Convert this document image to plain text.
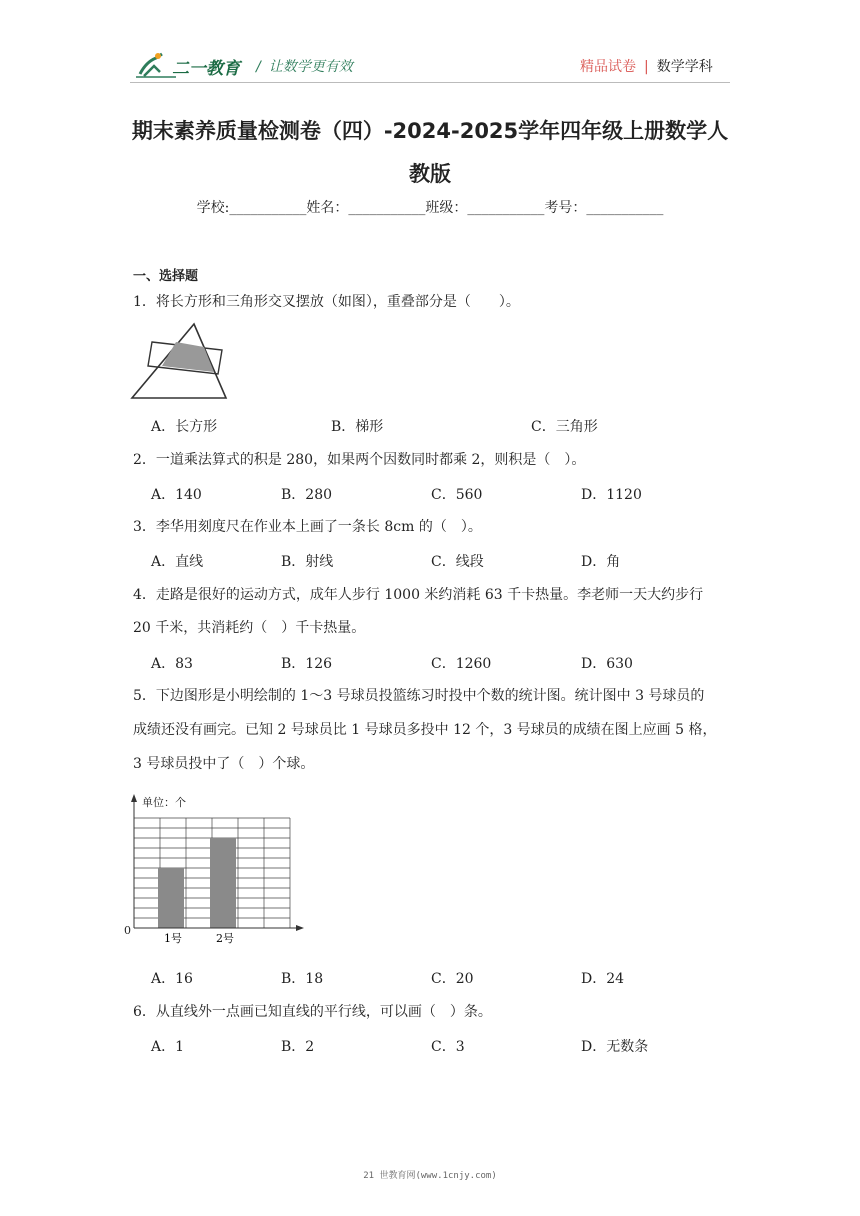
二一教育 / 让数学更有效	精品试卷 | 数学学科
期末素养质量检测卷（四）-2024-2025学年四年级上册数学人
教版
学校:___________姓名：___________班级：___________考号：___________
一、选择题
1．将长方形和三角形交叉摆放（如图），重叠部分是（　　）。
A．长方形	B．梯形	C．三角形
2．一道乘法算式的积是 280，如果两个因数同时都乘 2，则积是（　）。
A．140	B．280	C．560	D．1120
3．李华用刻度尺在作业本上画了一条长 8cm 的（　）。
A．直线	B．射线	C．线段	D．角
4．走路是很好的运动方式，成年人步行 1000 米约消耗 63 千卡热量。李老师一天大约步行
20 千米，共消耗约（　）千卡热量。
A．83	B．126	C．1260	D．630
5．下边图形是小明绘制的 1～3 号球员投篮练习时投中个数的统计图。统计图中 3 号球员的
成绩还没有画完。已知 2 号球员比 1 号球员多投中 12 个，3 号球员的成绩在图上应画 5 格，
3 号球员投中了（　）个球。
单位：个
0
1号	2号
A．16	B．18	C．20	D．24
6．从直线外一点画已知直线的平行线，可以画（　）条。
A．1	B．2	C．3	D．无数条
21 世教育网(www.1cnjy.com)
